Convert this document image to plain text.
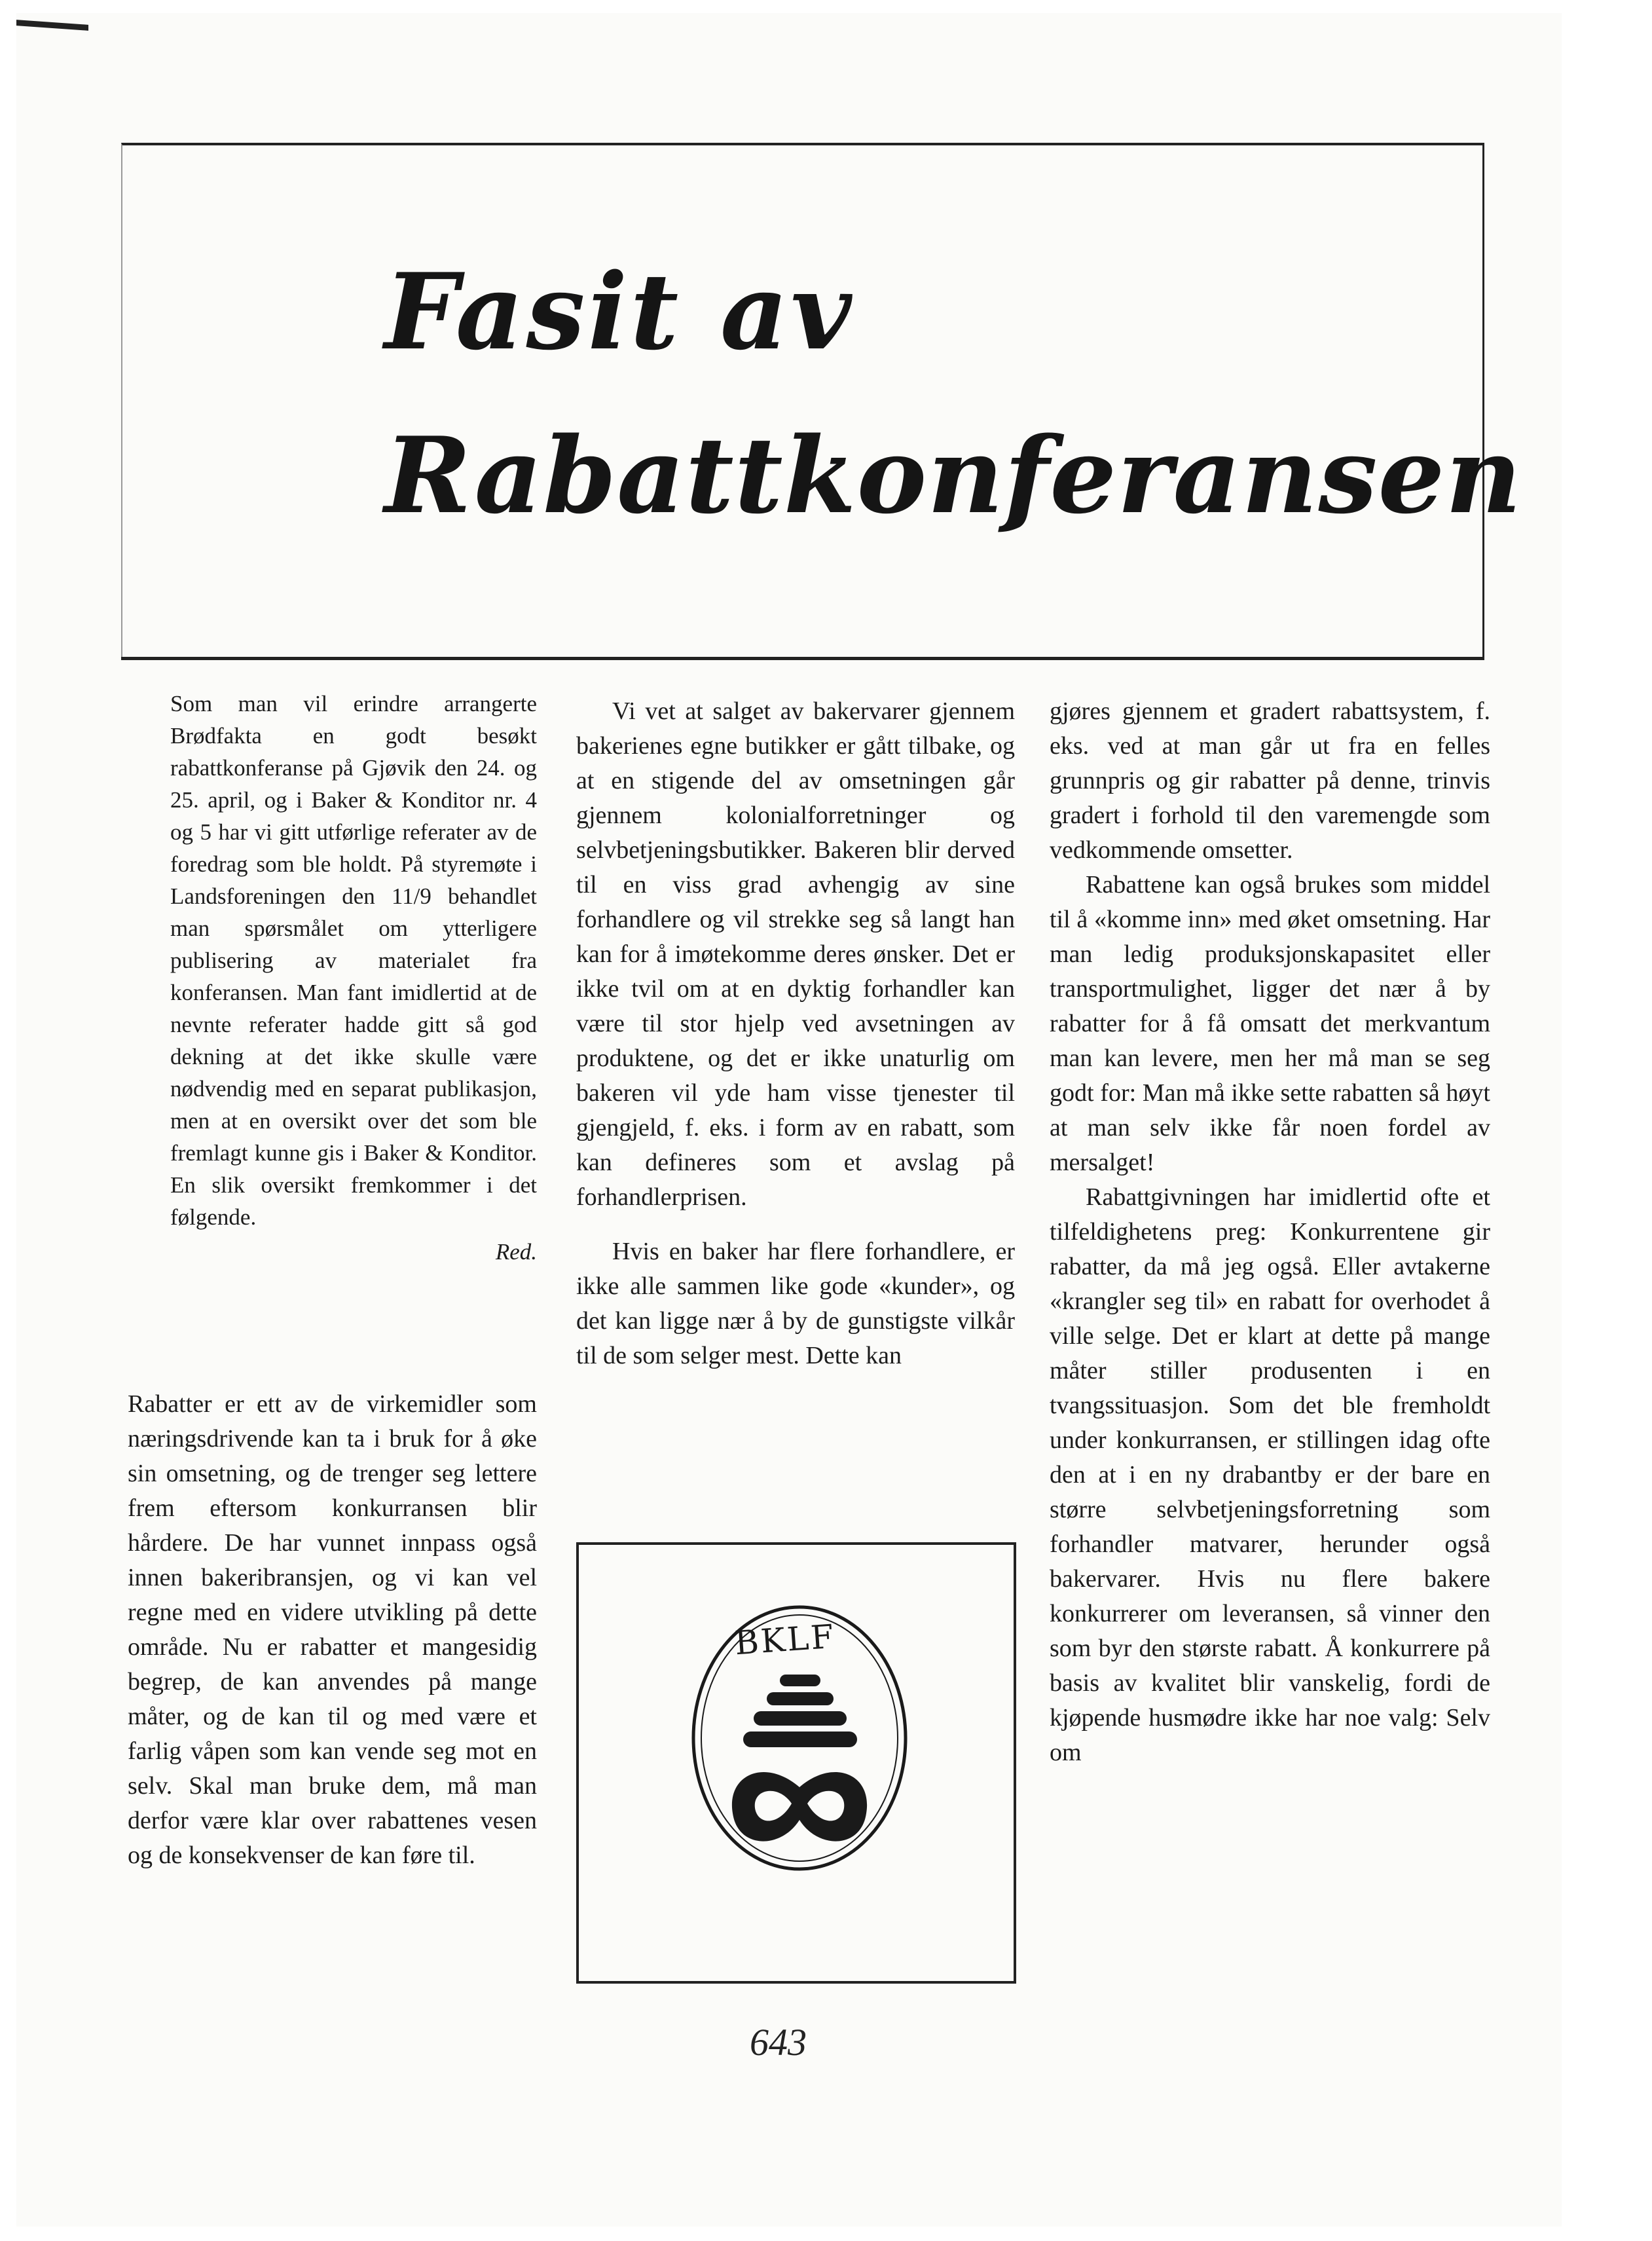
Fasit av
Rabattkonferansen

Som man vil erindre arrangerte Brødfakta en godt besøkt rabattkonferanse på Gjøvik den 24. og 25. april, og i Baker & Konditor nr. 4 og 5 har vi gitt utførlige referater av de foredrag som ble holdt. På styremøte i Landsforeningen den 11/9 behandlet man spørsmålet om ytterligere publisering av materialet fra konferansen. Man fant imidlertid at de nevnte referater hadde gitt så god dekning at det ikke skulle være nødvendig med en separat publikasjon, men at en oversikt over det som ble fremlagt kunne gis i Baker & Konditor. En slik oversikt fremkommer i det følgende.

Red.

Rabatter er ett av de virkemidler som næringsdrivende kan ta i bruk for å øke sin omsetning, og de trenger seg lettere frem eftersom konkurransen blir hårdere. De har vunnet innpass også innen bakeribransjen, og vi kan vel regne med en videre utvikling på dette område. Nu er rabatter et mangesidig begrep, de kan anvendes på mange måter, og de kan til og med være et farlig våpen som kan vende seg mot en selv. Skal man bruke dem, må man derfor være klar over rabattenes vesen og de konsekvenser de kan føre til.

Vi vet at salget av bakervarer gjennem bakerienes egne butikker er gått tilbake, og at en stigende del av omsetningen går gjennem kolonialforretninger og selvbetjeningsbutikker. Bakeren blir derved til en viss grad avhengig av sine forhandlere og vil strekke seg så langt han kan for å imøtekomme deres ønsker. Det er ikke tvil om at en dyktig forhandler kan være til stor hjelp ved avsetningen av produktene, og det er ikke unaturlig om bakeren vil yde ham visse tjenester til gjengjeld, f. eks. i form av en rabatt, som kan defineres som et avslag på forhandlerprisen.

Hvis en baker har flere forhandlere, er ikke alle sammen like gode «kunder», og det kan ligge nær å by de gunstigste vilkår til de som selger mest. Dette kan

BKLF

gjøres gjennem et gradert rabattsystem, f. eks. ved at man går ut fra en felles grunnpris og gir rabatter på denne, trinvis gradert i forhold til den varemengde som vedkommende omsetter.

Rabattene kan også brukes som middel til å «komme inn» med øket omsetning. Har man ledig produksjonskapasitet eller transportmulighet, ligger det nær å by rabatter for å få omsatt det merkvantum man kan levere, men her må man se seg godt for: Man må ikke sette rabatten så høyt at man selv ikke får noen fordel av mersalget!

Rabattgivningen har imidlertid ofte et tilfeldighetens preg: Konkurrentene gir rabatter, da må jeg også. Eller avtakerne «krangler seg til» en rabatt for overhodet å ville selge. Det er klart at dette på mange måter stiller produsenten i en tvangssituasjon. Som det ble fremholdt under konkurransen, er stillingen idag ofte den at i en ny drabantby er der bare en større selvbetjeningsforretning som forhandler matvarer, herunder også bakervarer. Hvis nu flere bakere konkurrerer om leveransen, så vinner den som byr den største rabatt. Å konkurrere på basis av kvalitet blir vanskelig, fordi de kjøpende husmødre ikke har noe valg: Selv om

643
